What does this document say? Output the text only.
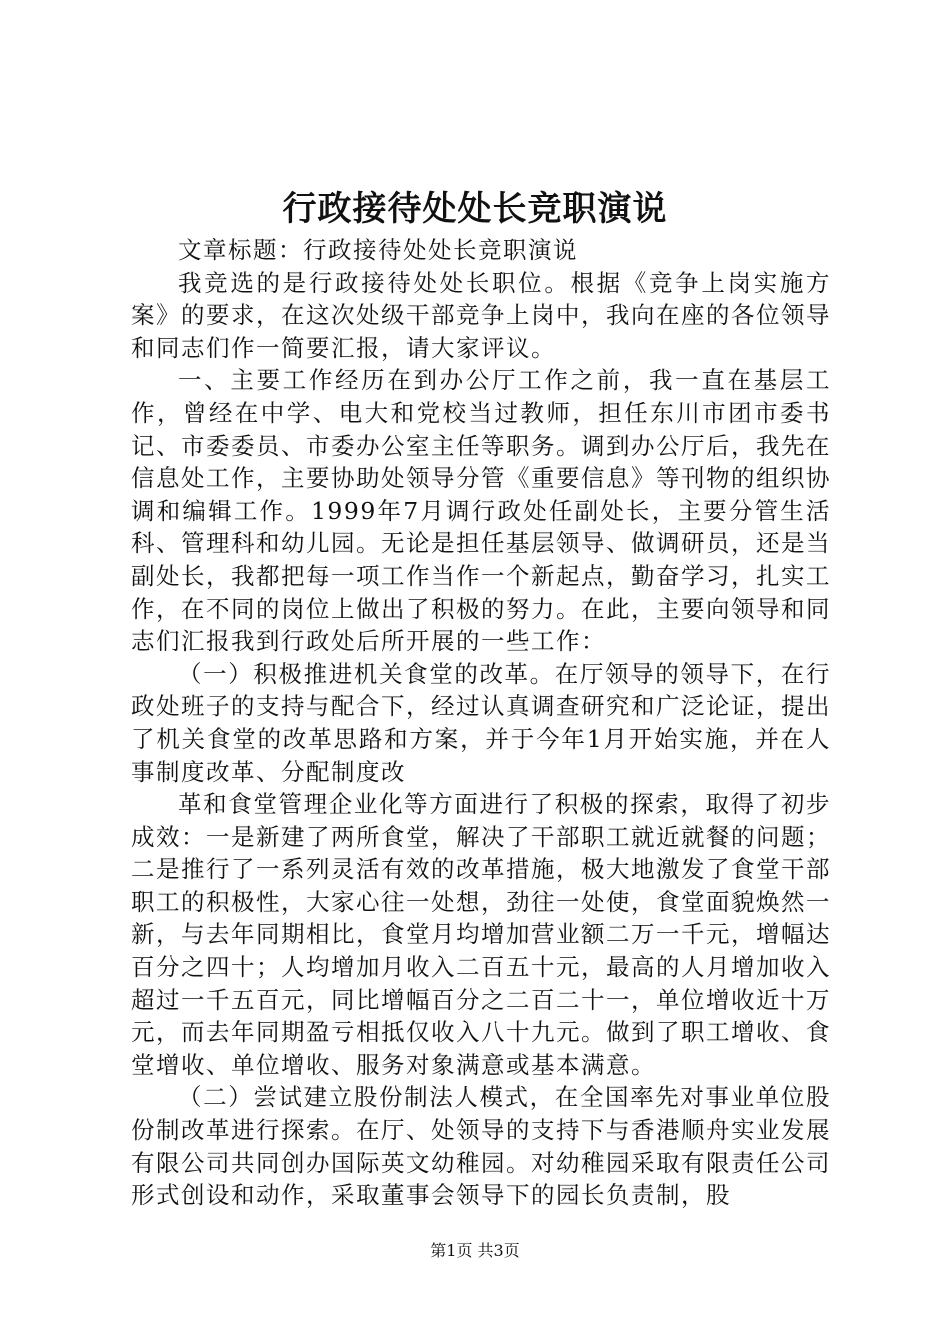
行政接待处处长竞职演说

文章标题：行政接待处处长竞职演说

我竞选的是行政接待处处长职位。根据《竞争上岗实施方案》的要求，在这次处级干部竞争上岗中，我向在座的各位领导和同志们作一简要汇报，请大家评议。

一、主要工作经历在到办公厅工作之前，我一直在基层工作，曾经在中学、电大和党校当过教师，担任东川市团市委书记、市委委员、市委办公室主任等职务。调到办公厅后，我先在信息处工作，主要协助处领导分管《重要信息》等刊物的组织协调和编辑工作。1999年7月调行政处任副处长，主要分管生活科、管理科和幼儿园。无论是担任基层领导、做调研员，还是当副处长，我都把每一项工作当作一个新起点，勤奋学习，扎实工作，在不同的岗位上做出了积极的努力。在此，主要向领导和同志们汇报我到行政处后所开展的一些工作：

（一）积极推进机关食堂的改革。在厅领导的领导下，在行政处班子的支持与配合下，经过认真调查研究和广泛论证，提出了机关食堂的改革思路和方案，并于今年1月开始实施，并在人事制度改革、分配制度改

革和食堂管理企业化等方面进行了积极的探索，取得了初步成效：一是新建了两所食堂，解决了干部职工就近就餐的问题；二是推行了一系列灵活有效的改革措施，极大地激发了食堂干部职工的积极性，大家心往一处想，劲往一处使，食堂面貌焕然一新，与去年同期相比，食堂月均增加营业额二万一千元，增幅达百分之四十；人均增加月收入二百五十元，最高的人月增加收入超过一千五百元，同比增幅百分之二百二十一，单位增收近十万元，而去年同期盈亏相抵仅收入八十九元。做到了职工增收、食堂增收、单位增收、服务对象满意或基本满意。

（二）尝试建立股份制法人模式，在全国率先对事业单位股份制改革进行探索。在厅、处领导的支持下与香港顺舟实业发展有限公司共同创办国际英文幼稚园。对幼稚园采取有限责任公司形式创设和动作，采取董事会领导下的园长负责制，股

第1页 共3页
